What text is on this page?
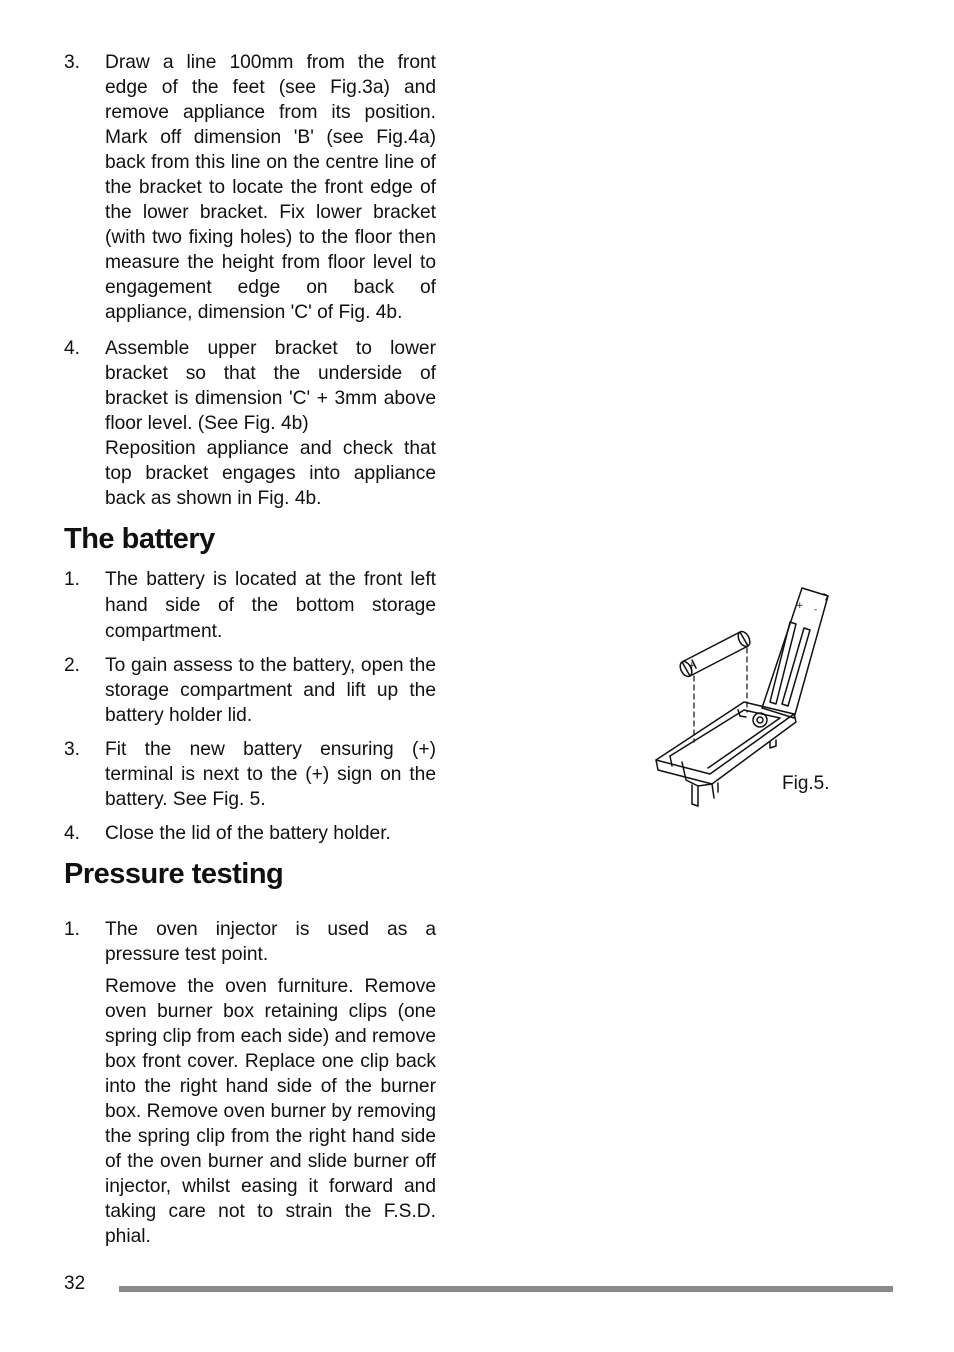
3. Draw a line 100mm from the front edge of the feet (see Fig.3a) and remove appliance from its position. Mark off dimension 'B' (see Fig.4a) back from this line on the centre line of the bracket to locate the front edge of the lower bracket. Fix lower bracket (with two fixing holes) to the floor then measure the height from floor level to engagement edge on back of appliance, dimension 'C' of Fig. 4b.

4. Assemble upper bracket to lower bracket so that the underside of bracket is dimension 'C' + 3mm above floor level. (See Fig. 4b)

Reposition appliance and check that top bracket engages into appliance back as shown in Fig. 4b.

The battery
1. The battery is located at the front left hand side of the bottom storage compartment.

2. To gain assess to the battery, open the storage compartment and lift up the battery holder lid.

3. Fit the new battery ensuring (+) terminal is next to the (+) sign on the battery. See Fig. 5.

4. Close the lid of the battery holder.

Pressure testing
1. The oven injector is used as a pressure test point.

Remove the oven furniture. Remove oven burner box retaining clips (one spring clip from each side) and remove box front cover. Replace one clip back into the right hand side of the burner box. Remove oven burner by removing the spring clip from the right hand side of the oven burner and slide burner off injector, whilst easing it forward and taking care not to strain the F.S.D. phial.

+ -
+
Fig.5.
32
